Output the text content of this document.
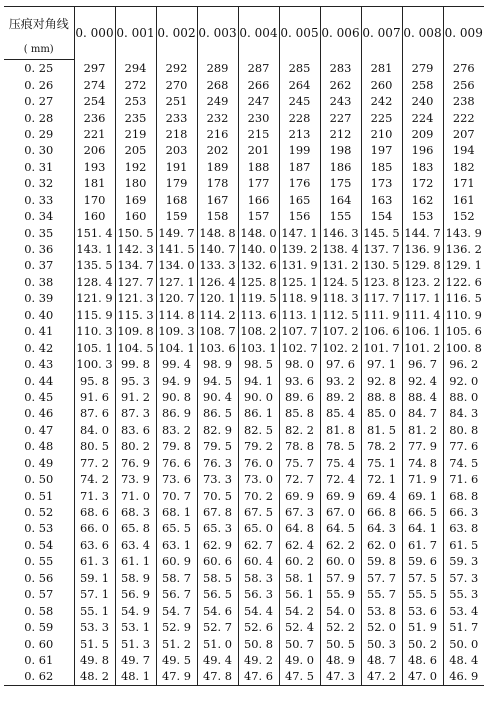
压痕对角线	0. 000	0. 001	0. 002	0. 003	0. 004	0. 005	0. 006	0. 007	0. 008	0. 009
( mm)										
0. 25	297	294	292	289	287	285	283	281	279	276
0. 26	274	272	270	268	266	264	262	260	258	256
0. 27	254	253	251	249	247	245	243	242	240	238
0. 28	236	235	233	232	230	228	227	225	224	222
0. 29	221	219	218	216	215	213	212	210	209	207
0. 30	206	205	203	202	201	199	198	197	196	194
0. 31	193	192	191	189	188	187	186	185	183	182
0. 32	181	180	179	178	177	176	175	173	172	171
0. 33	170	169	168	167	166	165	164	163	162	161
0. 34	160	160	159	158	157	156	155	154	153	152
0. 35	151. 4	150. 5	149. 7	148. 8	148. 0	147. 1	146. 3	145. 5	144. 7	143. 9
0. 36	143. 1	142. 3	141. 5	140. 7	140. 0	139. 2	138. 4	137. 7	136. 9	136. 2
0. 37	135. 5	134. 7	134. 0	133. 3	132. 6	131. 9	131. 2	130. 5	129. 8	129. 1
0. 38	128. 4	127. 7	127. 1	126. 4	125. 8	125. 1	124. 5	123. 8	123. 2	122. 6
0. 39	121. 9	121. 3	120. 7	120. 1	119. 5	118. 9	118. 3	117. 7	117. 1	116. 5
0. 40	115. 9	115. 3	114. 8	114. 2	113. 6	113. 1	112. 5	111. 9	111. 4	110. 9
0. 41	110. 3	109. 8	109. 3	108. 7	108. 2	107. 7	107. 2	106. 6	106. 1	105. 6
0. 42	105. 1	104. 5	104. 1	103. 6	103. 1	102. 7	102. 2	101. 7	101. 2	100. 8
0. 43	100. 3	99. 8	99. 4	98. 9	98. 5	98. 0	97. 6	97. 1	96. 7	96. 2
0. 44	95. 8	95. 3	94. 9	94. 5	94. 1	93. 6	93. 2	92. 8	92. 4	92. 0
0. 45	91. 6	91. 2	90. 8	90. 4	90. 0	89. 6	89. 2	88. 8	88. 4	88. 0
0. 46	87. 6	87. 3	86. 9	86. 5	86. 1	85. 8	85. 4	85. 0	84. 7	84. 3
0. 47	84. 0	83. 6	83. 2	82. 9	82. 5	82. 2	81. 8	81. 5	81. 2	80. 8
0. 48	80. 5	80. 2	79. 8	79. 5	79. 2	78. 8	78. 5	78. 2	77. 9	77. 6
0. 49	77. 2	76. 9	76. 6	76. 3	76. 0	75. 7	75. 4	75. 1	74. 8	74. 5
0. 50	74. 2	73. 9	73. 6	73. 3	73. 0	72. 7	72. 4	72. 1	71. 9	71. 6
0. 51	71. 3	71. 0	70. 7	70. 5	70. 2	69. 9	69. 9	69. 4	69. 1	68. 8
0. 52	68. 6	68. 3	68. 1	67. 8	67. 5	67. 3	67. 0	66. 8	66. 5	66. 3
0. 53	66. 0	65. 8	65. 5	65. 3	65. 0	64. 8	64. 5	64. 3	64. 1	63. 8
0. 54	63. 6	63. 4	63. 1	62. 9	62. 7	62. 4	62. 2	62. 0	61. 7	61. 5
0. 55	61. 3	61. 1	60. 9	60. 6	60. 4	60. 2	60. 0	59. 8	59. 6	59. 3
0. 56	59. 1	58. 9	58. 7	58. 5	58. 3	58. 1	57. 9	57. 7	57. 5	57. 3
0. 57	57. 1	56. 9	56. 7	56. 5	56. 3	56. 1	55. 9	55. 7	55. 5	55. 3
0. 58	55. 1	54. 9	54. 7	54. 6	54. 4	54. 2	54. 0	53. 8	53. 6	53. 4
0. 59	53. 3	53. 1	52. 9	52. 7	52. 6	52. 4	52. 2	52. 0	51. 9	51. 7
0. 60	51. 5	51. 3	51. 2	51. 0	50. 8	50. 7	50. 5	50. 3	50. 2	50. 0
0. 61	49. 8	49. 7	49. 5	49. 4	49. 2	49. 0	48. 9	48. 7	48. 6	48. 4
0. 62	48. 2	48. 1	47. 9	47. 8	47. 6	47. 5	47. 3	47. 2	47. 0	46. 9
